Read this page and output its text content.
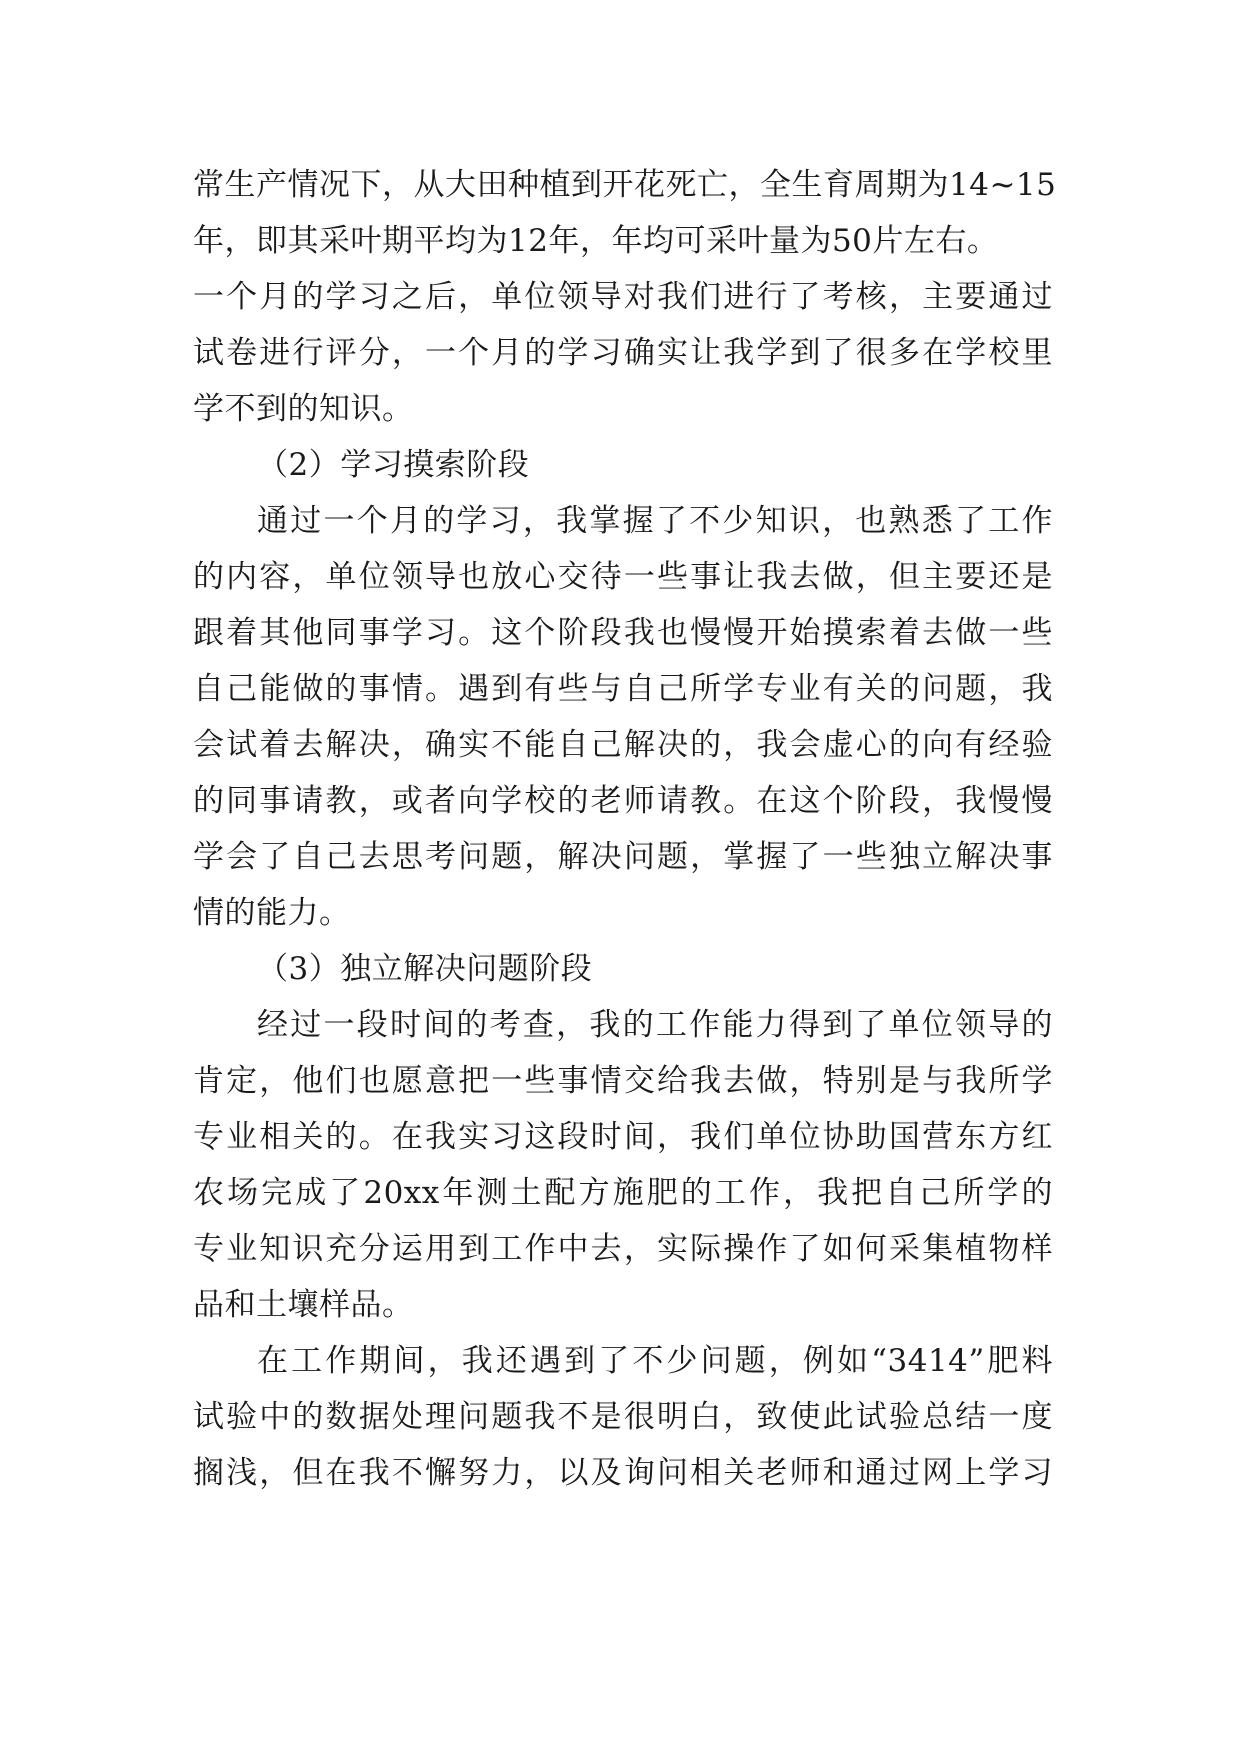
常生产情况下，从大田种植到开花死亡，全生育周期为14~15
年，即其采叶期平均为12年，年均可采叶量为50片左右。
一个月的学习之后，单位领导对我们进行了考核，主要通过
试卷进行评分，一个月的学习确实让我学到了很多在学校里
学不到的知识。
（2）学习摸索阶段
通过一个月的学习，我掌握了不少知识，也熟悉了工作
的内容，单位领导也放心交待一些事让我去做，但主要还是
跟着其他同事学习。这个阶段我也慢慢开始摸索着去做一些
自己能做的事情。遇到有些与自己所学专业有关的问题，我
会试着去解决，确实不能自己解决的，我会虚心的向有经验
的同事请教，或者向学校的老师请教。在这个阶段，我慢慢
学会了自己去思考问题，解决问题，掌握了一些独立解决事
情的能力。
（3）独立解决问题阶段
经过一段时间的考查，我的工作能力得到了单位领导的
肯定，他们也愿意把一些事情交给我去做，特别是与我所学
专业相关的。在我实习这段时间，我们单位协助国营东方红
农场完成了20xx年测土配方施肥的工作，我把自己所学的
专业知识充分运用到工作中去，实际操作了如何采集植物样
品和土壤样品。
在工作期间，我还遇到了不少问题，例如“3414”肥料
试验中的数据处理问题我不是很明白，致使此试验总结一度
搁浅，但在我不懈努力，以及询问相关老师和通过网上学习
